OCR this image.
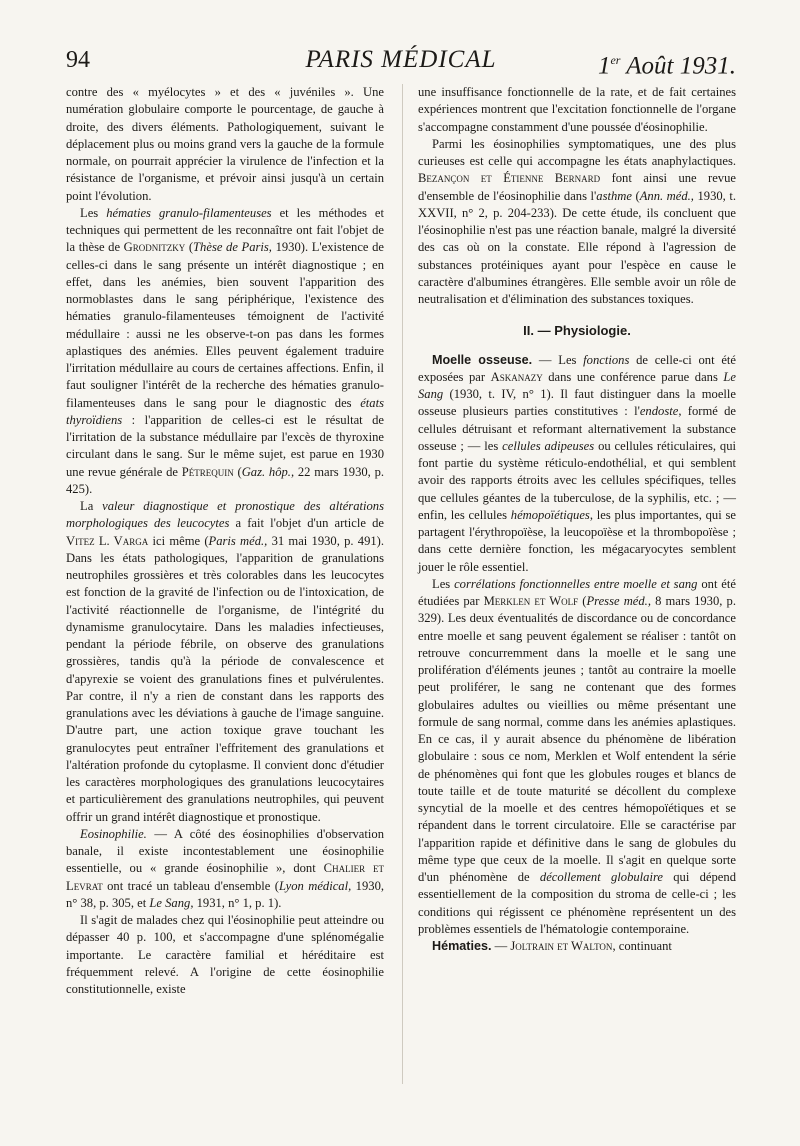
94	PARIS MÉDICAL	1er Août 1931.

contre des « myélocytes » et des « juvéniles ». Une numération globulaire comporte le pourcentage, de gauche à droite, des divers éléments. Pathologiquement, suivant le déplacement plus ou moins grand vers la gauche de la formule normale, on pourrait apprécier la virulence de l'infection et la résistance de l'organisme, et prévoir ainsi jusqu'à un certain point l'évolution.

Les hématies granulo-filamenteuses et les méthodes et techniques qui permettent de les reconnaître ont fait l'objet de la thèse de Grodnitzky (Thèse de Paris, 1930). L'existence de celles-ci dans le sang présente un intérêt diagnostique ; en effet, dans les anémies, bien souvent l'apparition des normoblastes dans le sang périphérique, l'existence des hématies granulo-filamenteuses témoignent de l'activité médullaire : aussi ne les observe-t-on pas dans les formes aplastiques des anémies. Elles peuvent également traduire l'irritation médullaire au cours de certaines affections. Enfin, il faut souligner l'intérêt de la recherche des hématies granulo-filamenteuses dans le sang pour le diagnostic des états thyroïdiens : l'apparition de celles-ci est le résultat de l'irritation de la substance médullaire par l'excès de thyroxine circulant dans le sang. Sur le même sujet, est parue en 1930 une revue générale de Pétrequin (Gaz. hôp., 22 mars 1930, p. 425).

La valeur diagnostique et pronostique des altérations morphologiques des leucocytes a fait l'objet d'un article de Vitez L. Varga ici même (Paris méd., 31 mai 1930, p. 491). Dans les états pathologiques, l'apparition de granulations neutrophiles grossières et très colorables dans les leucocytes est fonction de la gravité de l'infection ou de l'intoxication, de l'activité réactionnelle de l'organisme, de l'intégrité du dynamisme granulocytaire. Dans les maladies infectieuses, pendant la période fébrile, on observe des granulations grossières, tandis qu'à la période de convalescence et d'apyrexie se voient des granulations fines et pulvérulentes. Par contre, il n'y a rien de constant dans les rapports des granulations avec les déviations à gauche de l'image sanguine. D'autre part, une action toxique grave touchant les granulocytes peut entraîner l'effritement des granulations et l'altération profonde du cytoplasme. Il convient donc d'étudier les caractères morphologiques des granulations leucocytaires et particulièrement des granulations neutrophiles, qui peuvent offrir un grand intérêt diagnostique et pronostique.

Eosinophilie. — A côté des éosinophilies d'observation banale, il existe incontestablement une éosinophilie essentielle, ou « grande éosinophilie », dont Chalier et Levrat ont tracé un tableau d'ensemble (Lyon médical, 1930, n° 38, p. 305, et Le Sang, 1931, n° 1, p. 1).

Il s'agit de malades chez qui l'éosinophilie peut atteindre ou dépasser 40 p. 100, et s'accompagne d'une splénomégalie importante. Le caractère familial et héréditaire est fréquemment relevé. A l'origine de cette éosinophilie constitutionnelle, existe

une insuffisance fonctionnelle de la rate, et de fait certaines expériences montrent que l'excitation fonctionnelle de l'organe s'accompagne constamment d'une poussée d'éosinophilie.

Parmi les éosinophilies symptomatiques, une des plus curieuses est celle qui accompagne les états anaphylactiques. Bezançon et Étienne Bernard font ainsi une revue d'ensemble de l'éosinophilie dans l'asthme (Ann. méd., 1930, t. XXVII, n° 2, p. 204-233). De cette étude, ils concluent que l'éosinophilie n'est pas une réaction banale, malgré la diversité des cas où on la constate. Elle répond à l'agression de substances protéiniques ayant pour l'espèce en cause le caractère d'albumines étrangères. Elle semble avoir un rôle de neutralisation et d'élimination des substances toxiques.

II. — Physiologie.

Moelle osseuse. — Les fonctions de celle-ci ont été exposées par Askanazy dans une conférence parue dans Le Sang (1930, t. IV, n° 1). Il faut distinguer dans la moelle osseuse plusieurs parties constitutives : l'endoste, formé de cellules détruisant et reformant alternativement la substance osseuse ; — les cellules adipeuses ou cellules réticulaires, qui font partie du système réticulo-endothélial, et qui semblent avoir des rapports étroits avec les cellules spécifiques, telles que cellules géantes de la tuberculose, de la syphilis, etc. ; — enfin, les cellules hémopoïétiques, les plus importantes, qui se partagent l'érythropoïèse, la leucopoïèse et la thrombopoïèse ; dans cette dernière fonction, les mégacaryocytes semblent jouer le rôle essentiel.

Les corrélations fonctionnelles entre moelle et sang ont été étudiées par Merklen et Wolf (Presse méd., 8 mars 1930, p. 329). Les deux éventualités de discordance ou de concordance entre moelle et sang peuvent également se réaliser : tantôt on retrouve concurremment dans la moelle et le sang une prolifération d'éléments jeunes ; tantôt au contraire la moelle peut proliférer, le sang ne contenant que des formes globulaires adultes ou vieillies ou même présentant une formule de sang normal, comme dans les anémies aplastiques. En ce cas, il y aurait absence du phénomène de libération globulaire : sous ce nom, Merklen et Wolf entendent la série de phénomènes qui font que les globules rouges et blancs de toute taille et de toute maturité se décollent du complexe syncytial de la moelle et des centres hémopoïétiques et se répandent dans le torrent circulatoire. Elle se caractérise par l'apparition rapide et définitive dans le sang de globules du même type que ceux de la moelle. Il s'agit en quelque sorte d'un phénomène de décollement globulaire qui dépend essentiellement de la composition du stroma de celle-ci ; les conditions qui régissent ce phénomène représentent un des problèmes essentiels de l'hématologie contemporaine.

Hématies. — Joltrain et Walton, continuant
